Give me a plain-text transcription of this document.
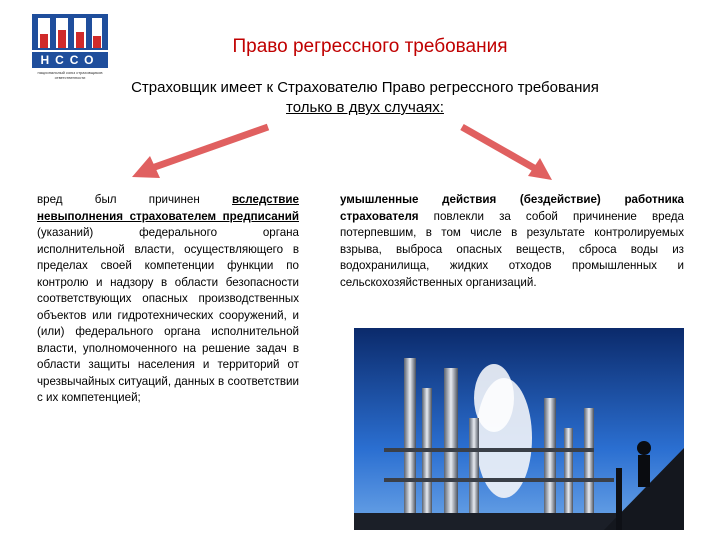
НССО
национальный союз страховщиков ответственности
Право регрессного требования
Страховщик имеет к Страхователю Право регрессного требования
только в двух случаях:
вред был причинен вследствие невыполнения страхователем предписаний (указаний) федерального органа исполнительной власти, осуществляющего в пределах своей компетенции функции по контролю и надзору в области безопасности соответствующих опасных производственных объектов или гидротехнических сооружений, и (или) федерального органа исполнительной власти, уполномоченного на решение задач в области защиты населения и территорий от чрезвычайных ситуаций, данных в соответствии с их компетенцией;
умышленные действия (бездействие) работника страхователя повлекли за собой причинение вреда потерпевшим, в том числе в результате контролируемых взрыва, выброса опасных веществ, сброса воды из водохранилища, жидких отходов промышленных и сельскохозяйственных организаций.
